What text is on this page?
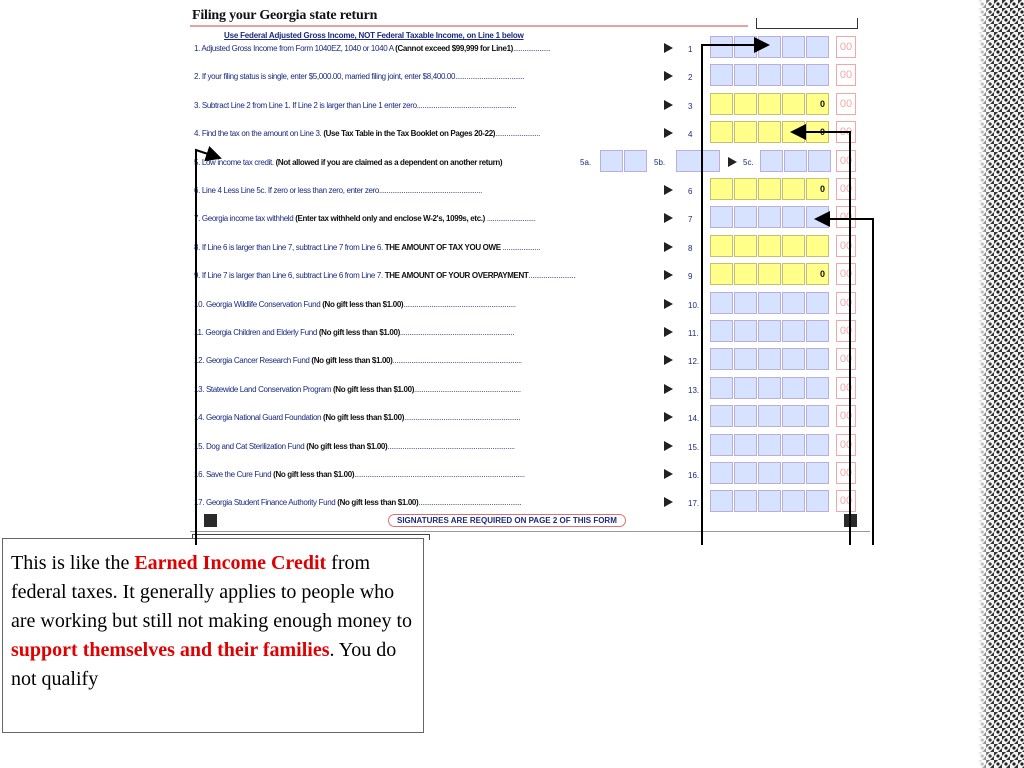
Filing your Georgia state return
Use Federal Adjusted Gross Income, NOT Federal Taxable Income, on Line 1 below
1. Adjusted Gross Income from Form 1040EZ, 1040 or 1040 A (Cannot exceed $99,999 for Line1)....................	1	00
2. If your filing status is single, enter $5,000.00, married filing joint, enter $8,400.00.....................................	2	00
3. Subtract Line 2 from Line 1. If Line 2 is larger than Line 1 enter zero.....................................................	3	0	00
4. Find the tax on the amount on Line 3. (Use Tax Table in the Tax Booklet on Pages 20-22)........................	4	0	00
5. Low income tax credit. (Not allowed if you are claimed as a dependent on another return)	5a.	5b.	5c.	00
6. Line 4 Less Line 5c. If zero or less than zero, enter zero.......................................................	6	0	00
7. Georgia income tax withheld (Enter tax withheld only and enclose W-2's, 1099s, etc.) ..........................	7	00
8. If Line 6 is larger than Line 7, subtract Line 7 from Line 6. THE AMOUNT OF TAX YOU OWE ....................	8	00
9. If Line 7 is larger than Line 6, subtract Line 6 from Line 7. THE AMOUNT OF YOUR OVERPAYMENT.........................	9	0	00
10. Georgia Wildlife Conservation Fund (No gift less than $1.00)............................................................	10.	00
11. Georgia Children and Elderly Fund (No gift less than $1.00).............................................................	11.	00
12. Georgia Cancer Research Fund (No gift less than $1.00).....................................................................	12.	00
13. Statewide Land Conservation Program (No gift less than $1.00).........................................................	13.	00
14. Georgia National Guard Foundation (No gift less than $1.00)..............................................................	14.	00
15. Dog and Cat Sterilization Fund (No gift less than $1.00)....................................................................	15.	00
16. Save the Cure Fund (No gift less than $1.00)...........................................................................................	16.	00
17. Georgia Student Finance Authority Fund (No gift less than $1.00).......................................................	17.	00
SIGNATURES ARE REQUIRED ON PAGE 2 OF THIS FORM
This is like the Earned Income Credit from federal taxes. It generally applies to people who are working but still not making enough money to support themselves and their families. You do not qualify
